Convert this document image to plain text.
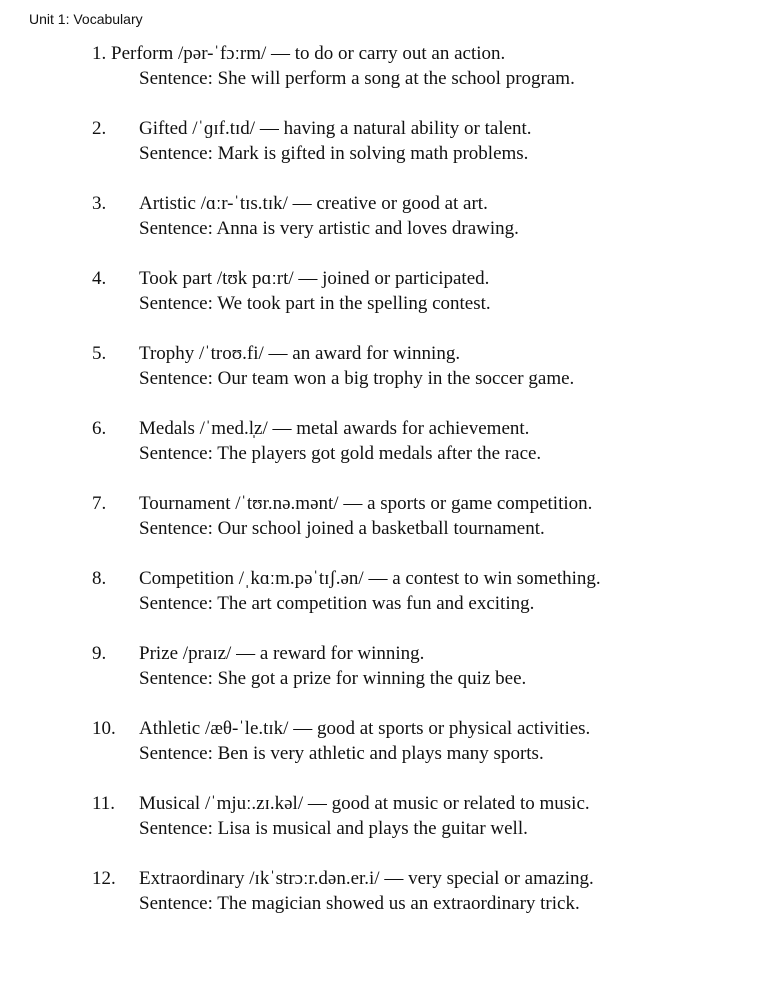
Unit 1: Vocabulary
1. Perform /pər-ˈfɔːrm/ — to do or carry out an action.
Sentence: She will perform a song at the school program.
2. Gifted /ˈɡɪf.tɪd/ — having a natural ability or talent.
Sentence: Mark is gifted in solving math problems.
3. Artistic /ɑːr-ˈtɪs.tɪk/ — creative or good at art.
Sentence: Anna is very artistic and loves drawing.
4. Took part /tʊk pɑːrt/ — joined or participated.
Sentence: We took part in the spelling contest.
5. Trophy /ˈtroʊ.fi/ — an award for winning.
Sentence: Our team won a big trophy in the soccer game.
6. Medals /ˈmed.l̩z/ — metal awards for achievement.
Sentence: The players got gold medals after the race.
7. Tournament /ˈtʊr.nə.mənt/ — a sports or game competition.
Sentence: Our school joined a basketball tournament.
8. Competition /ˌkɑːm.pəˈtɪʃ.ən/ — a contest to win something.
Sentence: The art competition was fun and exciting.
9. Prize /praɪz/ — a reward for winning.
Sentence: She got a prize for winning the quiz bee.
10. Athletic /æθ-ˈle.tɪk/ — good at sports or physical activities.
Sentence: Ben is very athletic and plays many sports.
11. Musical /ˈmjuː.zɪ.kəl/ — good at music or related to music.
Sentence: Lisa is musical and plays the guitar well.
12. Extraordinary /ɪkˈstrɔːr.dən.er.i/ — very special or amazing.
Sentence: The magician showed us an extraordinary trick.
